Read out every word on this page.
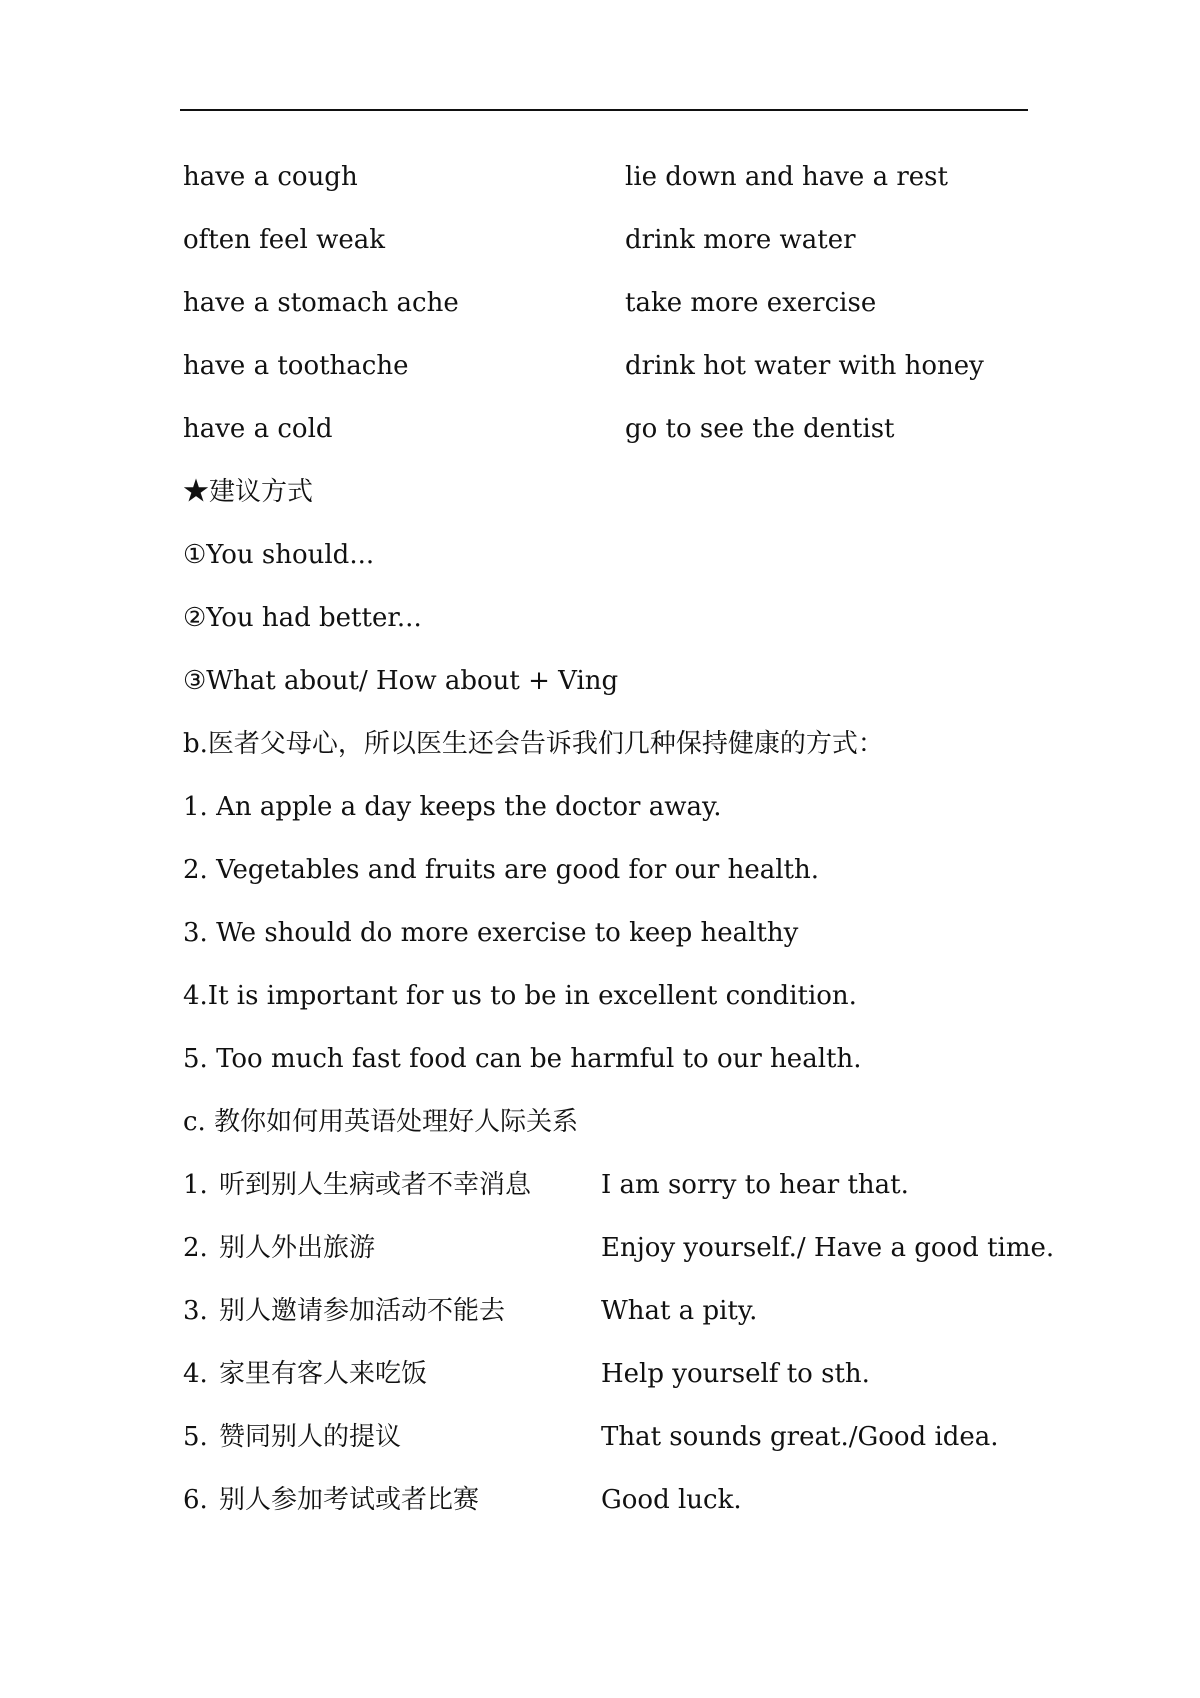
have a cough	lie down and have a rest
often feel weak	drink more water
have a stomach ache	take more exercise
have a toothache	drink hot water with honey
have a cold	go to see the dentist
★建议方式
①You should...
②You had better...
③What about/ How about + Ving
b.医者父母心，所以医生还会告诉我们几种保持健康的方式：
1. An apple a day keeps the doctor away.
2. Vegetables and fruits are good for our health.
3. We should do more exercise to keep healthy
4.It is important for us to be in excellent condition.
5. Too much fast food can be harmful to our health.
c. 教你如何用英语处理好人际关系
1. 听到别人生病或者不幸消息	I am sorry to hear that.
2. 别人外出旅游	Enjoy yourself./ Have a good time.
3. 别人邀请参加活动不能去	What a pity.
4. 家里有客人来吃饭	Help yourself to sth.
5. 赞同别人的提议	That sounds great./Good idea.
6. 别人参加考试或者比赛	Good luck.
